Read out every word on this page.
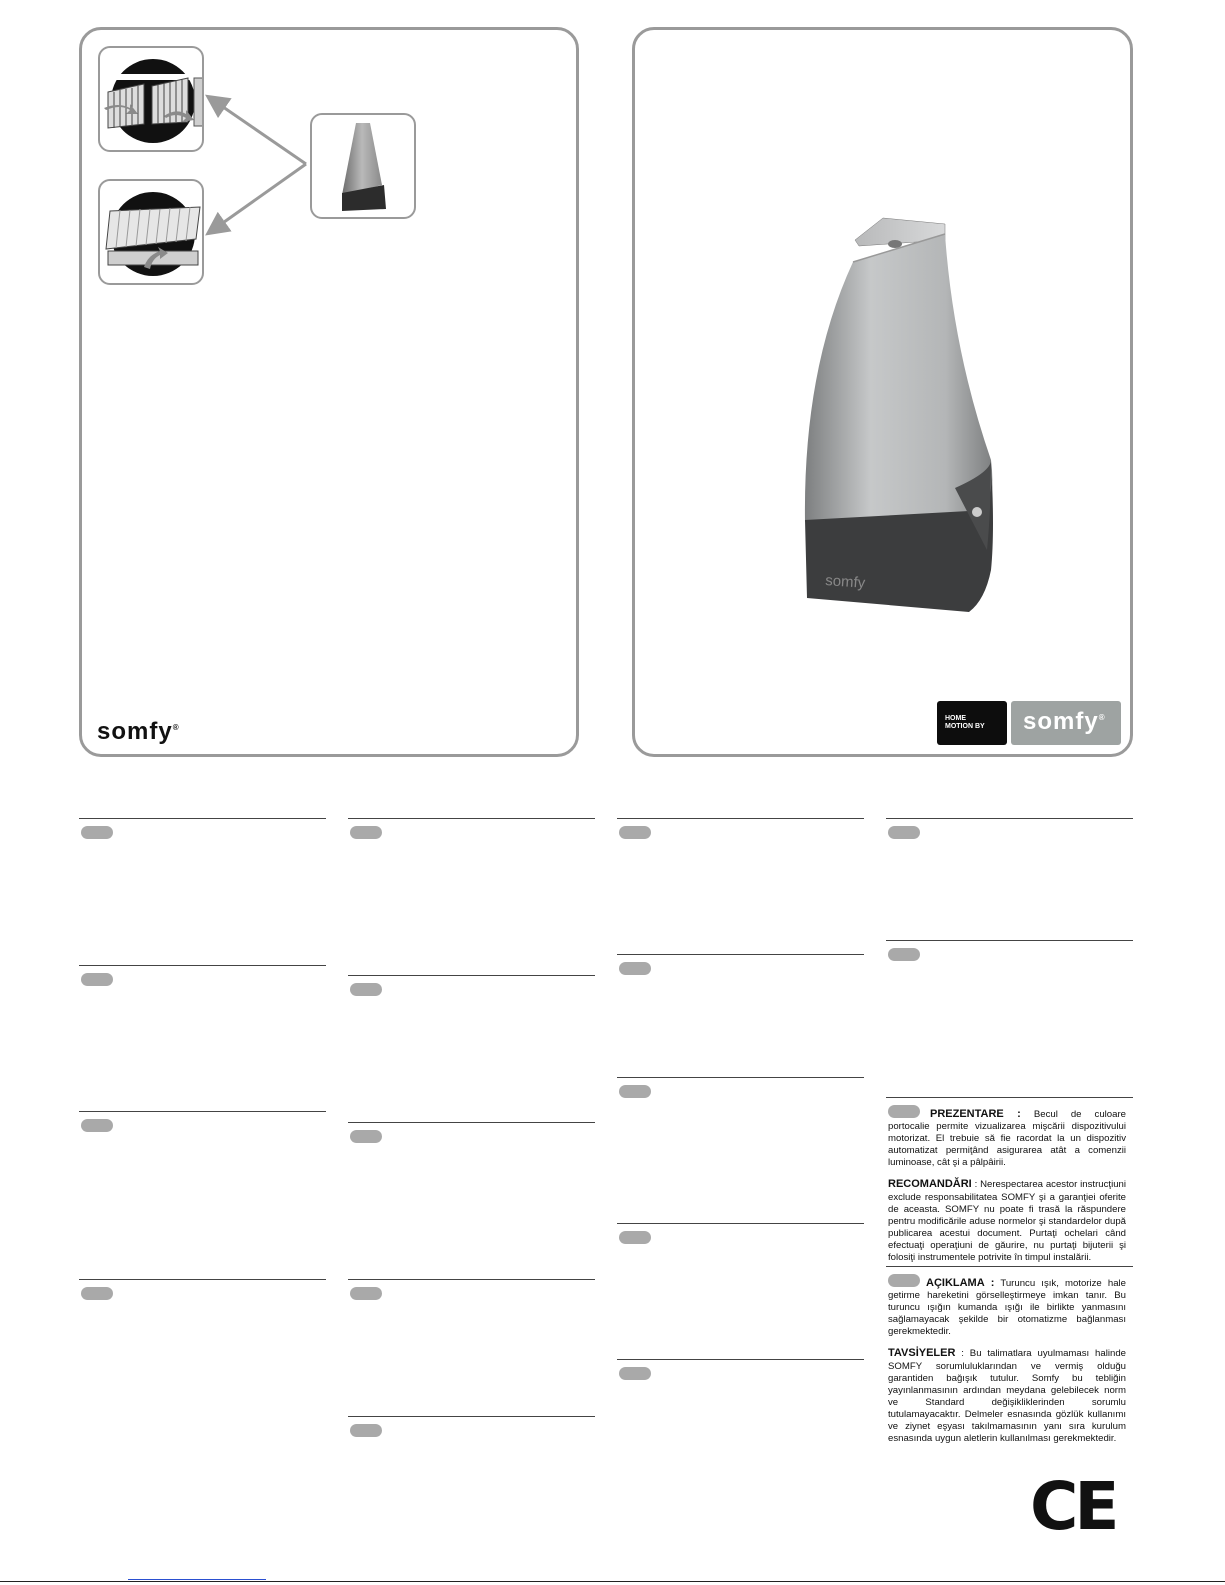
somfy®
somfy
HOME
MOTION BY somfy®

PREZENTARE : Becul de culoare portocalie permite vizualizarea mişcării dispozitivului motorizat. El trebuie să fie racordat la un dispozitiv automatizat permiţând asigurarea atât a comenzii luminoase, cât şi a pâlpâirii.

RECOMANDĂRI : Nerespectarea acestor instrucţiuni exclude responsabilitatea SOMFY şi a garanţiei oferite de aceasta. SOMFY nu poate fi trasă la răspundere pentru modificările aduse normelor şi standardelor după publicarea acestui document. Purtaţi ochelari când efectuaţi operaţiuni de găurire, nu purtaţi bijuterii şi folosiţi instrumentele potrivite în timpul instalării.

AÇIKLAMA : Turuncu ışık, motorize hale getirme hareketini görselleştirmeye imkan tanır. Bu turuncu ışığın kumanda ışığı ile birlikte yanmasını sağlamayacak şekilde bir otomatizme bağlanması gerekmektedir.

TAVSİYELER : Bu talimatlara uyulmaması halinde SOMFY sorumluluklarından ve vermiş olduğu garantiden bağışık tutulur. Somfy bu tebliğin yayınlanmasının ardından meydana gelebilecek norm ve Standard değişikliklerinden sorumlu tutulamayacaktır. Delmeler esnasında gözlük kullanımı ve ziynet eşyası takılmamasının yanı sıra kurulum esnasında uygun aletlerin kullanılması gerekmektedir.

CE
